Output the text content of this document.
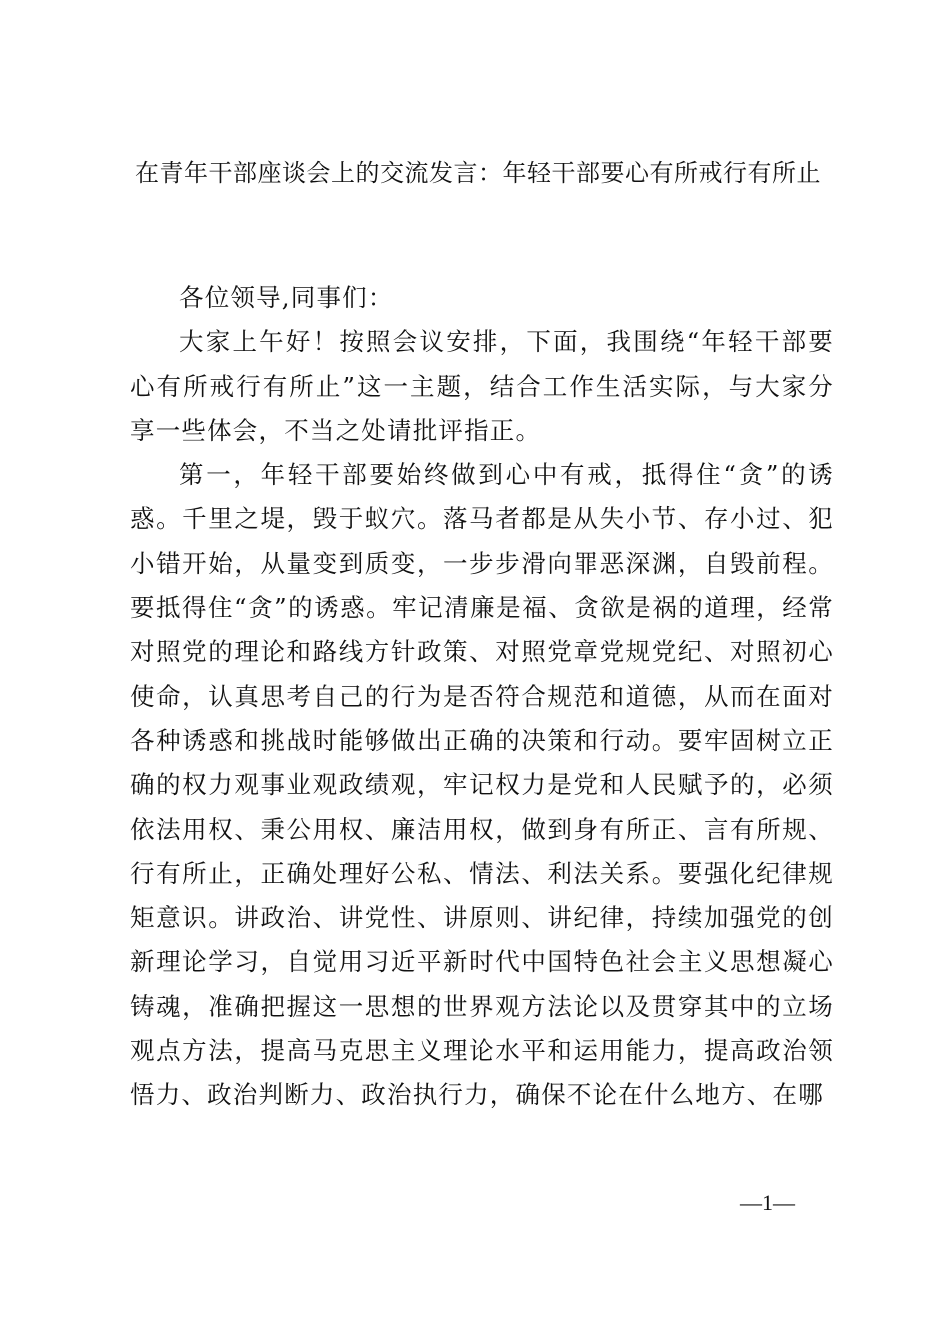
在青年干部座谈会上的交流发言：年轻干部要心有所戒行有所止

各位领导,同事们：

大家上午好！按照会议安排，下面，我围绕“年轻干部要心有所戒行有所止”这一主题，结合工作生活实际，与大家分享一些体会，不当之处请批评指正。

第一，年轻干部要始终做到心中有戒，抵得住“贪”的诱惑。千里之堤，毁于蚁穴。落马者都是从失小节、存小过、犯小错开始，从量变到质变，一步步滑向罪恶深渊，自毁前程。要抵得住“贪”的诱惑。牢记清廉是福、贪欲是祸的道理，经常对照党的理论和路线方针政策、对照党章党规党纪、对照初心使命，认真思考自己的行为是否符合规范和道德，从而在面对各种诱惑和挑战时能够做出正确的决策和行动。要牢固树立正确的权力观事业观政绩观，牢记权力是党和人民赋予的，必须依法用权、秉公用权、廉洁用权，做到身有所正、言有所规、行有所止，正确处理好公私、情法、利法关系。要强化纪律规矩意识。讲政治、讲党性、讲原则、讲纪律，持续加强党的创新理论学习，自觉用习近平新时代中国特色社会主义思想凝心铸魂，准确把握这一思想的世界观方法论以及贯穿其中的立场观点方法，提高马克思主义理论水平和运用能力，提高政治领悟力、政治判断力、政治执行力，确保不论在什么地方、在哪

—1—
